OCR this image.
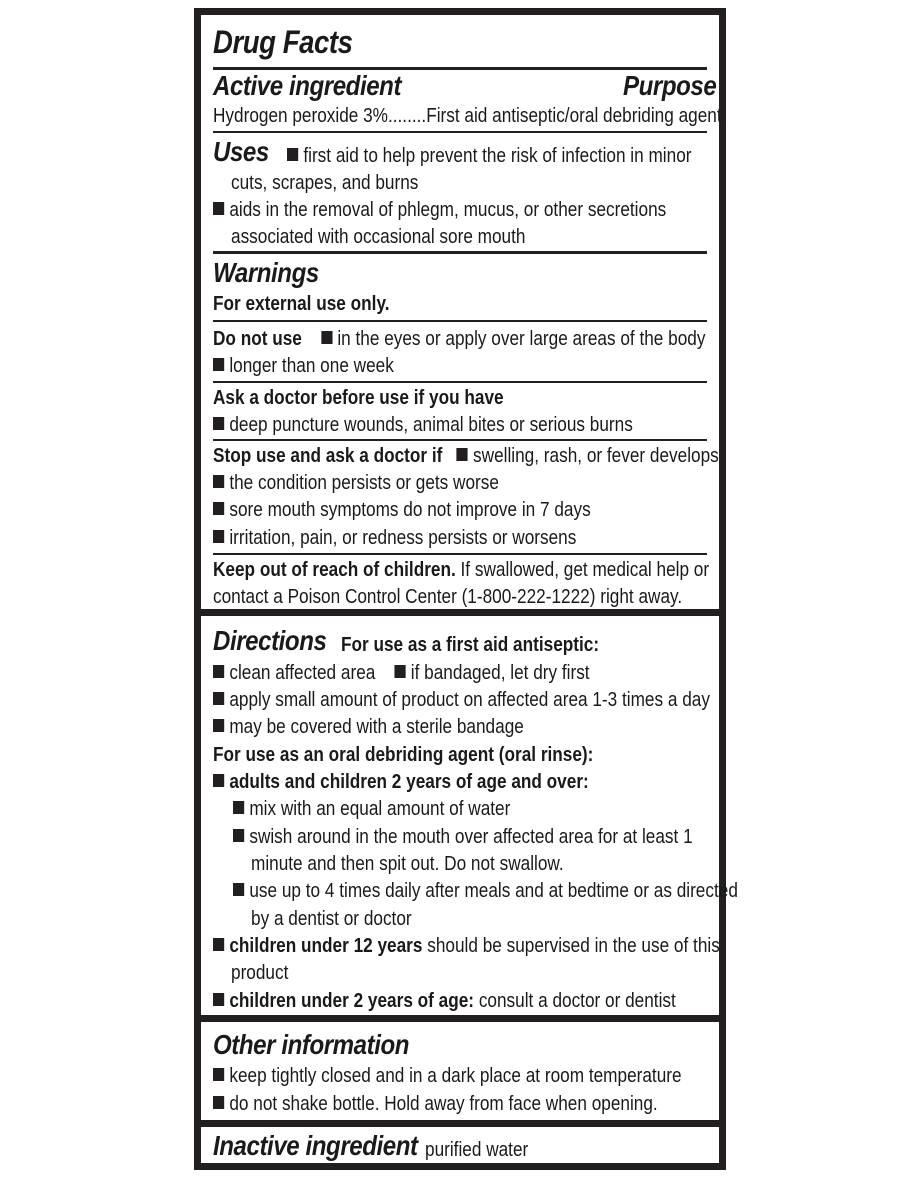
Drug Facts
Active ingredient	Purpose
Hydrogen peroxide 3%........First aid antiseptic/oral debriding agent
Uses	first aid to help prevent the risk of infection in minor
cuts, scrapes, and burns
aids in the removal of phlegm, mucus, or other secretions
associated with occasional sore mouth
Warnings
For external use only.
Do not use in the eyes or apply over large areas of the body
longer than one week
Ask a doctor before use if you have
deep puncture wounds, animal bites or serious burns
Stop use and ask a doctor if swelling, rash, or fever develops
the condition persists or gets worse
sore mouth symptoms do not improve in 7 days
irritation, pain, or redness persists or worsens
Keep out of reach of children. If swallowed, get medical help or
contact a Poison Control Center (1-800-222-1222) right away.
Directions For use as a first aid antiseptic:
clean affected area if bandaged, let dry first
apply small amount of product on affected area 1-3 times a day
may be covered with a sterile bandage
For use as an oral debriding agent (oral rinse):
adults and children 2 years of age and over:
mix with an equal amount of water
swish around in the mouth over affected area for at least 1
minute and then spit out. Do not swallow.
use up to 4 times daily after meals and at bedtime or as directed
by a dentist or doctor
children under 12 years should be supervised in the use of this
product
children under 2 years of age: consult a doctor or dentist
Other information
keep tightly closed and in a dark place at room temperature
do not shake bottle. Hold away from face when opening.
Inactive ingredient purified water
